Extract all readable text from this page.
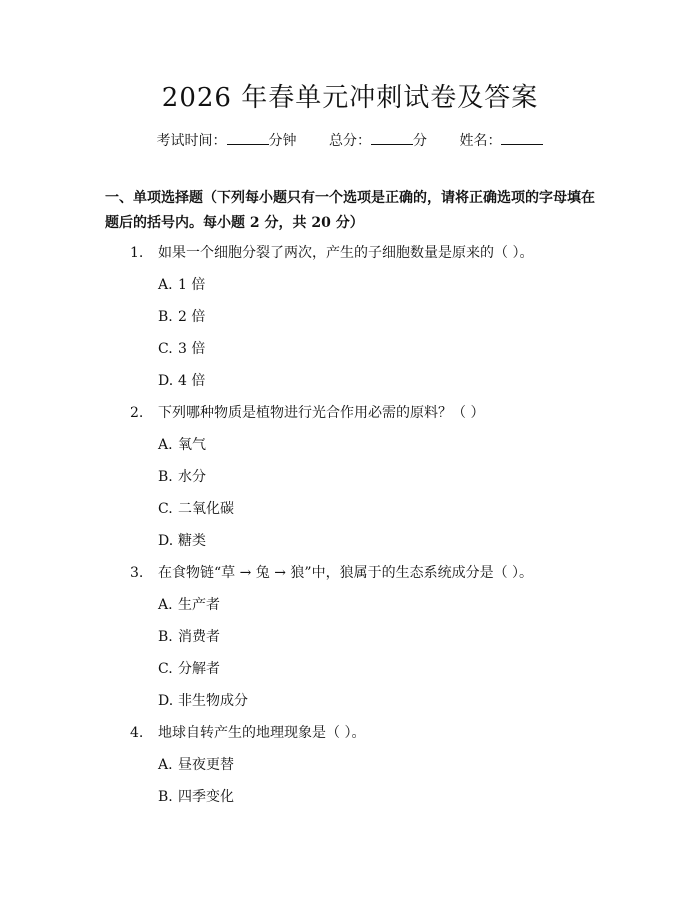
2026 年春单元冲刺试卷及答案
考试时间：	分钟 总分：	分 姓名：
一、单项选择题（下列每小题只有一个选项是正确的，请将正确选项的字母填在题后的括号内。每小题 2 分，共 20 分）
1. 如果一个细胞分裂了两次，产生的子细胞数量是原来的（ ）。
A. 1 倍
B. 2 倍
C. 3 倍
D. 4 倍
2. 下列哪种物质是植物进行光合作用必需的原料？（ ）
A. 氧气
B. 水分
C. 二氧化碳
D. 糖类
3. 在食物链“草 → 兔 → 狼”中，狼属于的生态系统成分是（ ）。
A. 生产者
B. 消费者
C. 分解者
D. 非生物成分
4. 地球自转产生的地理现象是（ ）。
A. 昼夜更替
B. 四季变化
